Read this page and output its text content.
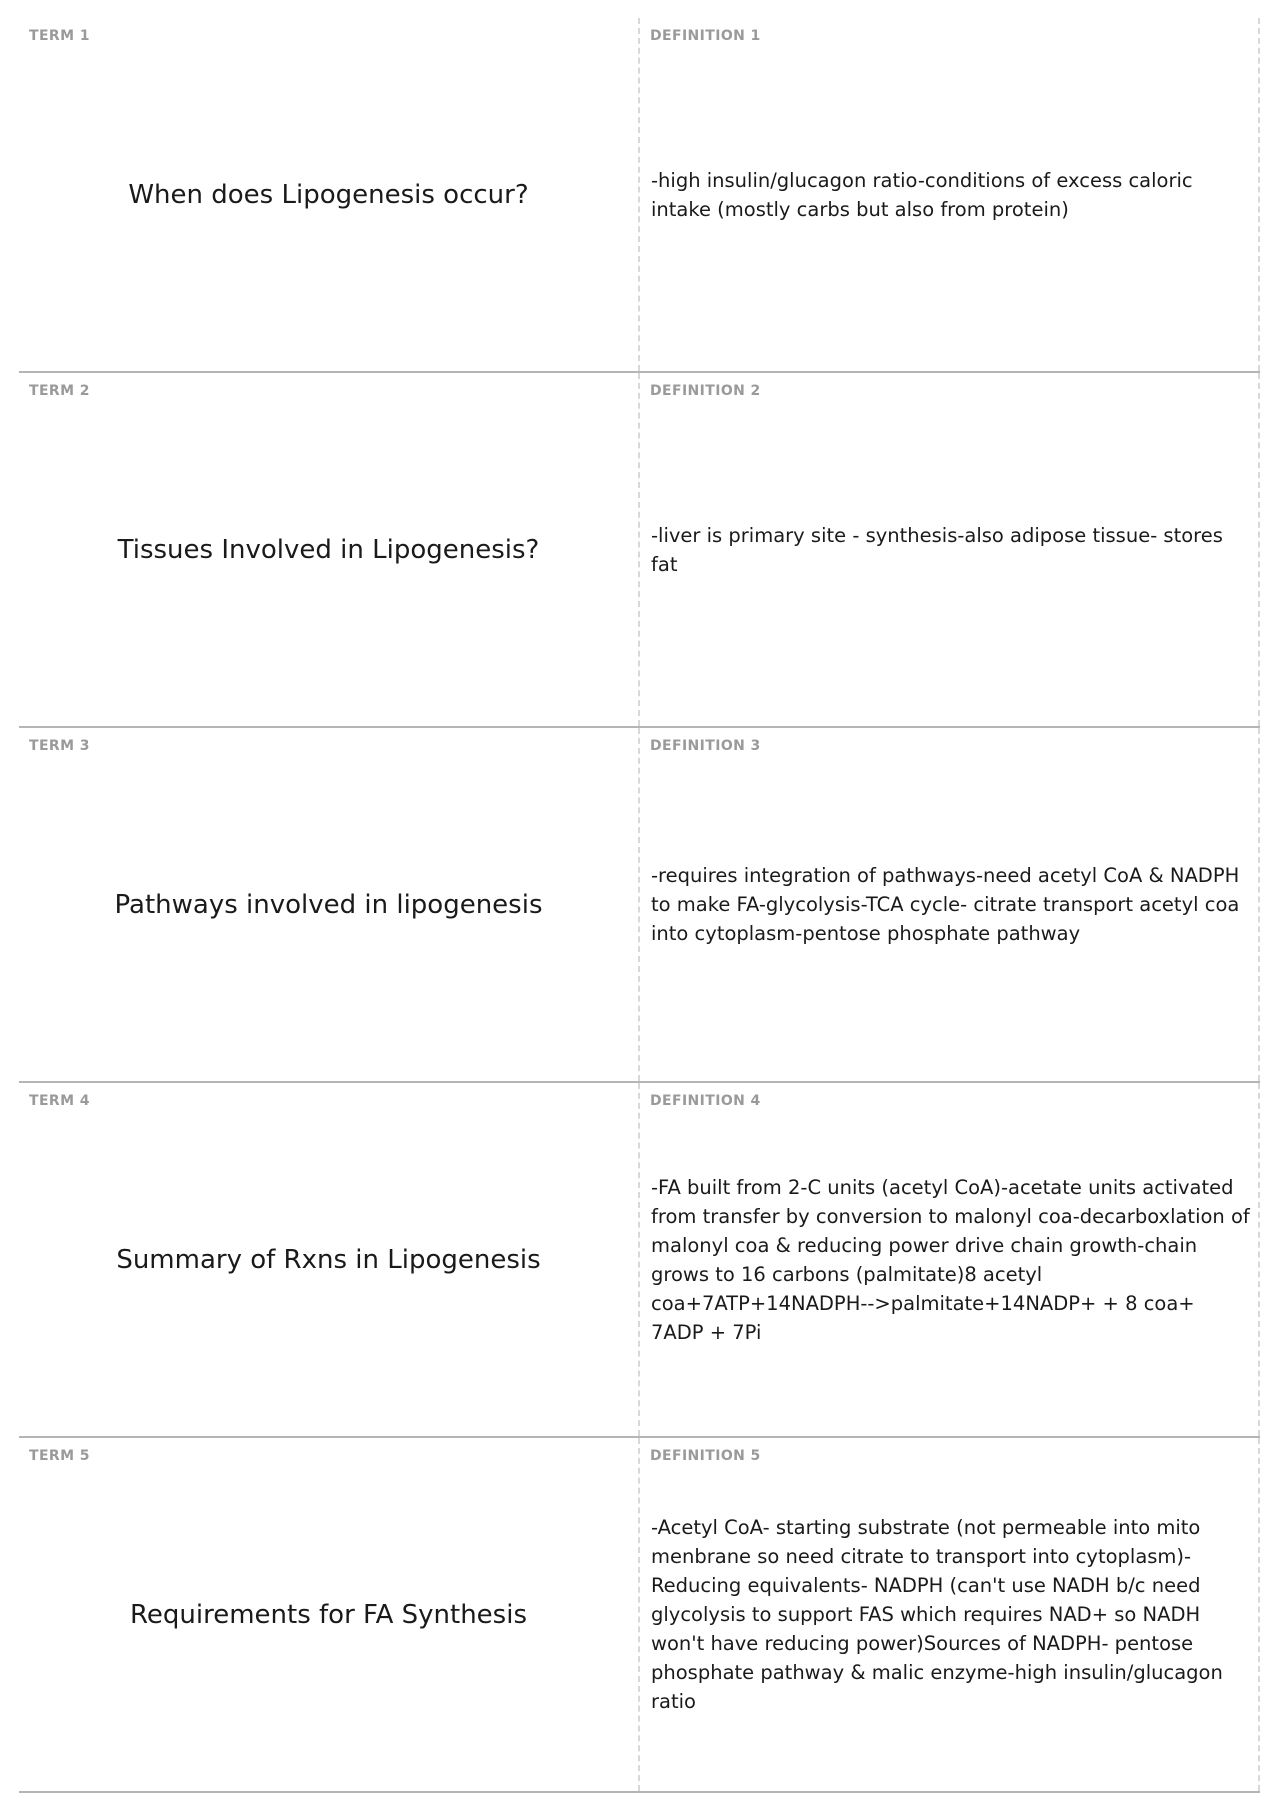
TERM 1
When does Lipogenesis occur?
DEFINITION 1
-high insulin/glucagon ratio-conditions of excess caloric intake (mostly carbs but also from protein)
TERM 2
Tissues Involved in Lipogenesis?
DEFINITION 2
-liver is primary site - synthesis-also adipose tissue- stores fat
TERM 3
Pathways involved in lipogenesis
DEFINITION 3
-requires integration of pathways-need acetyl CoA & NADPH to make FA-glycolysis-TCA cycle- citrate transport acetyl coa into cytoplasm-pentose phosphate pathway
TERM 4
Summary of Rxns in Lipogenesis
DEFINITION 4
-FA built from 2-C units (acetyl CoA)-acetate units activated from transfer by conversion to malonyl coa-decarboxlation of malonyl coa & reducing power drive chain growth-chain grows to 16 carbons (palmitate)8 acetyl coa+7ATP+14NADPH-->palmitate+14NADP+ + 8 coa+ 7ADP + 7Pi
TERM 5
Requirements for FA Synthesis
DEFINITION 5
-Acetyl CoA- starting substrate (not permeable into mito menbrane so need citrate to transport into cytoplasm)-Reducing equivalents- NADPH (can't use NADH b/c need glycolysis to support FAS which requires NAD+ so NADH won't have reducing power)Sources of NADPH- pentose phosphate pathway & malic enzyme-high insulin/glucagon ratio
